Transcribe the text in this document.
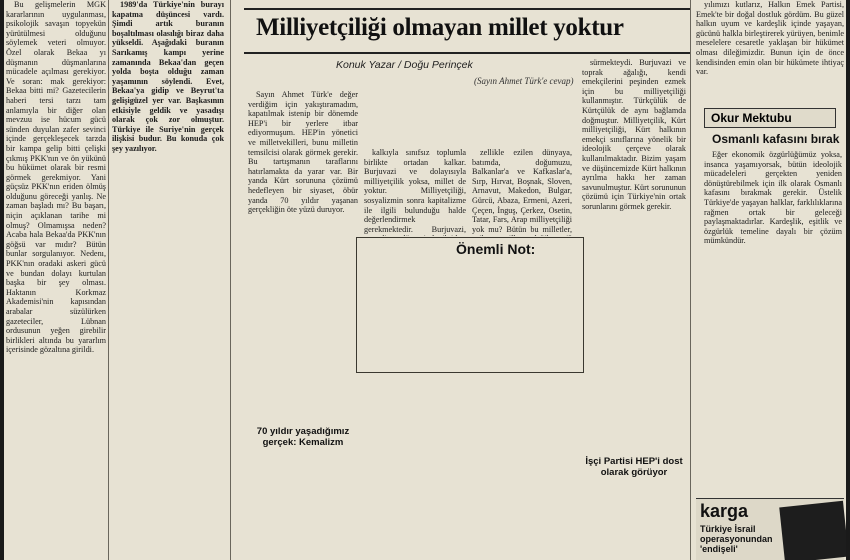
Bu gelişmelerin MGK kararlarının uygulanması, psikolojik savaşın topyekün yürütülmesi olduğunu söylemek veteri olmuyor. Özel olarak Bekaa yı düşmanın düşmanlarına mücadele açılması gerekiyor. Ve soran: mak gerekiyor: Bekaa bitti mi? Gazetecilerin haberi tersi tarzı tam anlamıyla bir diğer olan mevzuu ise hücum gücü sünden duyulan zafer sevinci içinde gerçekleşecek tarzda bir kampa gelip bitti çelişki çıkmış PKK'nın ve ön yükünü bu hükümet olarak bir resmi görmek gerekmiyor. Yani güçsüz PKK'nın eriden ölmüş olduğunu göreceği yanlış. Ne zaman başladı mı? Bu başarı, niçin açıklanan tarihe mi olmuş? Olmamışsa neden? Acaba hala Bekaa'da PKK'nın göğsü var mıdır? Bütün bunlar sorgulanıyor. Nedenı, PKK'nın oradaki askeri gücü ve bundan dolayı kurtulan başka bir şey olması. Haktanın Korkmaz Akademisi'nin kapısından arabalar süzülürken gazeteciler, Lübnan ordusunun yeğen girebilir birlikleri altında bu yararlım içerisinde gözaltına girildi.

1989'da Türkiye'nin burayı kapatma düşüncesi vardı. Şimdi artık buranın boşaltılması olasılığı biraz daha yükseldi. Aşağıdaki buranın Sarıkamış kampı yerine zamanında Bekaa'dan geçen yolda boşta olduğu zaman yaşamının söylendi. Evet, Bekaa'ya gidip ve Beyrut'ta gelişigüzel yer var. Başkasının etkisiyle geldik ve yasadışı olarak çok zor olmuştur. Türkiye ile Suriye'nin gerçek ilişkisi budur. Bu konuda çok şey yazılıyor.

Milliyetçiliği olmayan millet yoktur
Konuk Yazar / Doğu Perinçek
(Sayın Ahmet Türk'e cevap)

Sayın Ahmet Türk'e değer verdiğim için yakıştıramadım, kapatılmak istenip bir dönemde HEP'i bir yerlere itbar ediyormuşum. HEP'in yönetici ve milletvekilleri, bunu milletin temsilcisi olarak görmek gerekir. Bu tartışmanın taraflarını hatırlamakta da yarar var. Bir yanda Kürt sorununa çözümü hedefleyen bir siyaset, öbür yanda 70 yıldır yaşanan gerçekliğin öte yüzü duruyor.

kalkıyla sınıfsız toplumla birlikte ortadan kalkar. Burjuvazi ve dolayısıyla milliyetçilik yoksa, millet de yoktur. Milliyetçiliği, sosyalizmin sonra kapitalizme ile ilgili bulunduğu halde değerlendirmek gerekmektedir. Burjuvazi,

zellikle ezilen dünyaya, batımda, doğumuzu, Balkanlar'a ve Kafkaslar'a, Sırp, Hırvat, Boşnak, Sloven, Arnavut, Makedon, Bulgar, Gürcü, Abaza, Ermeni, Azeri, Çeçen, İnguş, Çerkez, Osetin, Tatar, Fars, Arap milliyetçiliği yok mu? Bütün bu milletler,

Önemli Not:
70 yıldır yaşadığımız gerçek: Kemalizm

sürmekteydi. Burjuvazi ve toprak ağalığı, kendi emekçilerini peşinden ezmek için bu milliyetçiliği kullanmıştır. Türkçülük de Kürtçülük de aynı bağlamda doğmuştur. Milliyetçilik, Kürt milliyetçiliği, Kürt halkının emekçi sınıflarına yönelik bir ideolojik çerçeve olarak kullanılmaktadır. Bizim yaşam ve düşüncemizde Kürt halkının ayrılma hakkı her zaman savunulmuştur. Kürt sorununun çözümü için Türkiye'nin ortak sorunlarını görmek gerekir.

İşçi Partisi HEP'i dost olarak görüyor

yılımızı kutlarız, Halkın Emek Partisi, Emek'te bir doğal dostluk gördüm. Bu güzel halkın uyum ve kardeşlik içinde yaşayan, gücünü halkla birleştirerek yürüyen, benimle meselelere cesaretle yaklaşan bir hükümet olması dileğimizdir. Bunun için de önce kendisinden emin olan bir hükümete ihtiyaç var.

Okur Mektubu
Osmanlı kafasını bırak

Eğer ekonomik özgürlüğümüz yoksa, insanca yaşamıyorsak, bütün ideolojik mücadeleleri gerçekten yeniden dönüştürebilmek için ilk olarak Osmanlı kafasını bırakmak gerekir. Üstelik Türkiye'de yaşayan halklar, farklılıklarına rağmen ortak bir geleceği paylaşmaktadırlar. Kardeşlik, eşitlik ve özgürlük temeline dayalı bir çözüm mümkündür.

karga
Türkiye İsrail operasyonundan 'endişeli'
